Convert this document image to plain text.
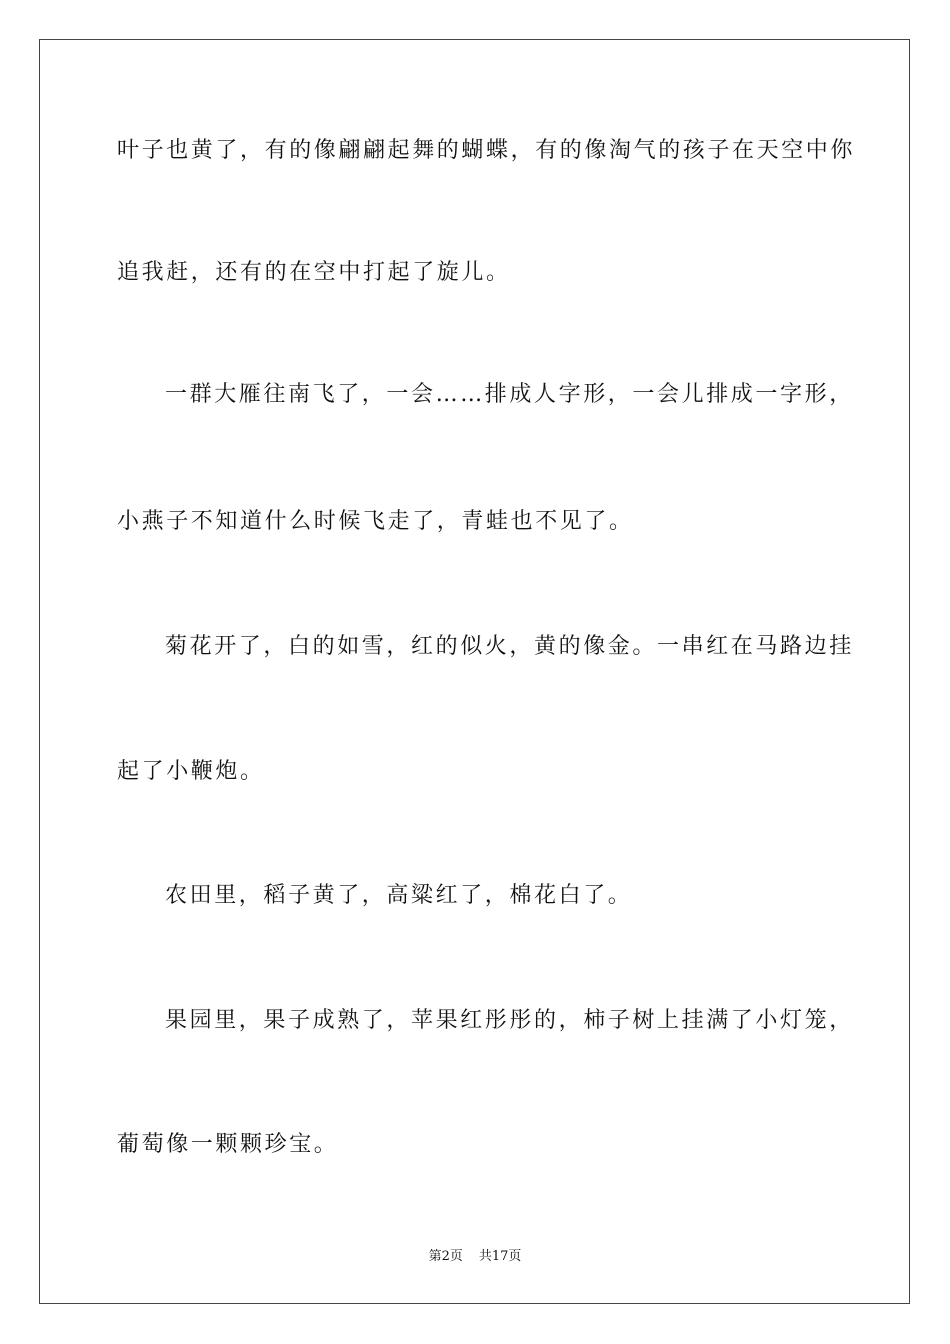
叶子也黄了，有的像翩翩起舞的蝴蝶，有的像淘气的孩子在天空中你
追我赶，还有的在空中打起了旋儿。
一群大雁往南飞了，一会……排成人字形，一会儿排成一字形，
小燕子不知道什么时候飞走了，青蛙也不见了。
菊花开了，白的如雪，红的似火，黄的像金。一串红在马路边挂
起了小鞭炮。
农田里，稻子黄了，高粱红了，棉花白了。
果园里，果子成熟了，苹果红彤彤的，柿子树上挂满了小灯笼，
葡萄像一颗颗珍宝。
第2页 共17页
